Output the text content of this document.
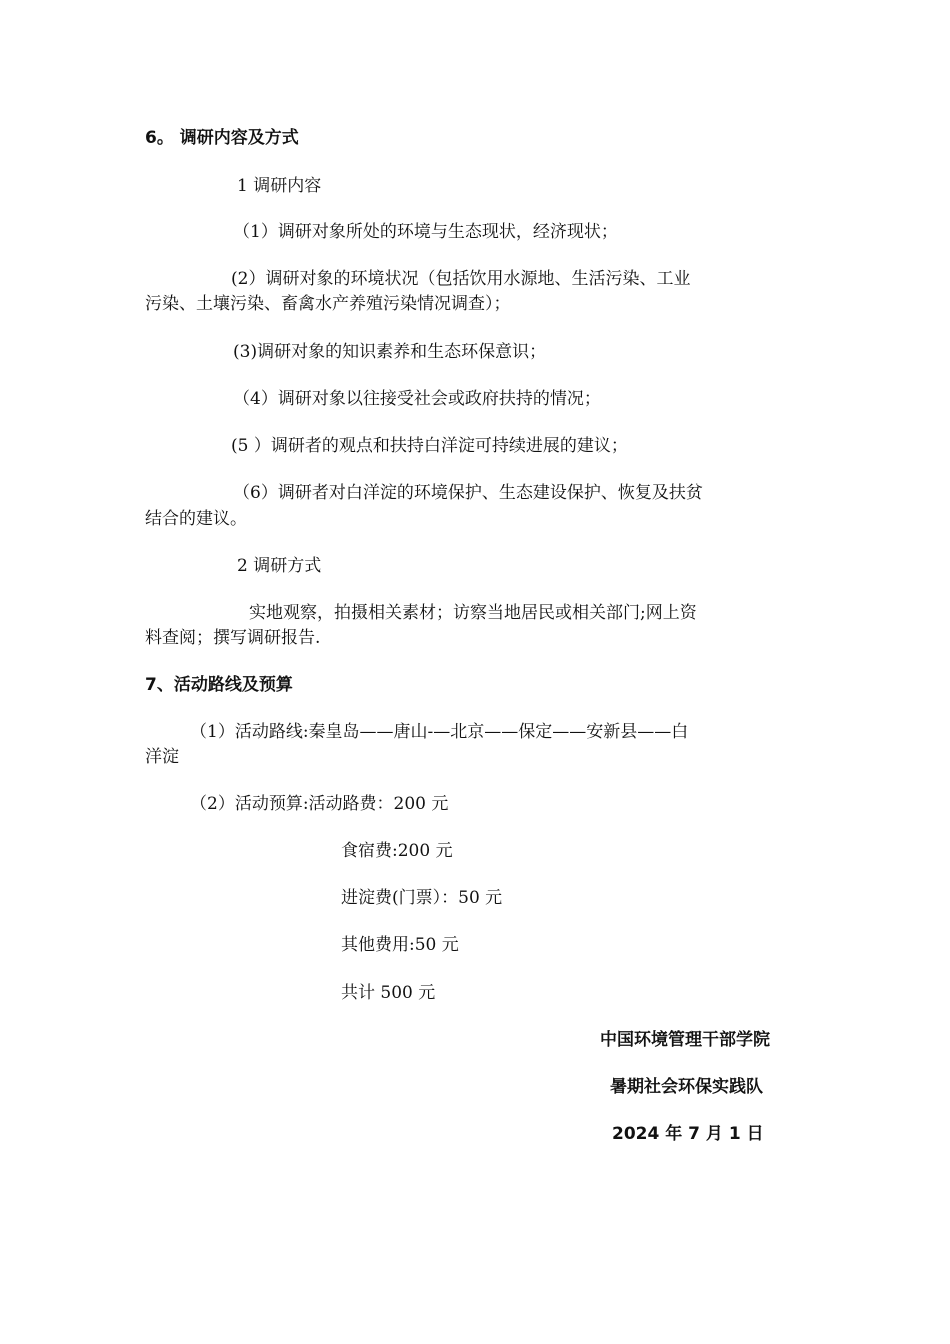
6。 调研内容及方式
1 调研内容
（1）调研对象所处的环境与生态现状，经济现状；
(2）调研对象的环境状况（包括饮用水源地、生活污染、工业
污染、土壤污染、畜禽水产养殖污染情况调查）；
(3)调研对象的知识素养和生态环保意识；
（4）调研对象以往接受社会或政府扶持的情况；
(5 ）调研者的观点和扶持白洋淀可持续进展的建议；
（6）调研者对白洋淀的环境保护、生态建设保护、恢复及扶贫
结合的建议。
2 调研方式
实地观察，拍摄相关素材；访察当地居民或相关部门;网上资
料查阅；撰写调研报告.
7、活动路线及预算
（1）活动路线:秦皇岛——唐山-—北京——保定——安新县——白
洋淀
（2）活动预算:活动路费：200 元
食宿费:200 元
进淀费(门票）：50 元
其他费用:50 元
共计 500 元
中国环境管理干部学院
暑期社会环保实践队
2024 年 7 月 1 日
